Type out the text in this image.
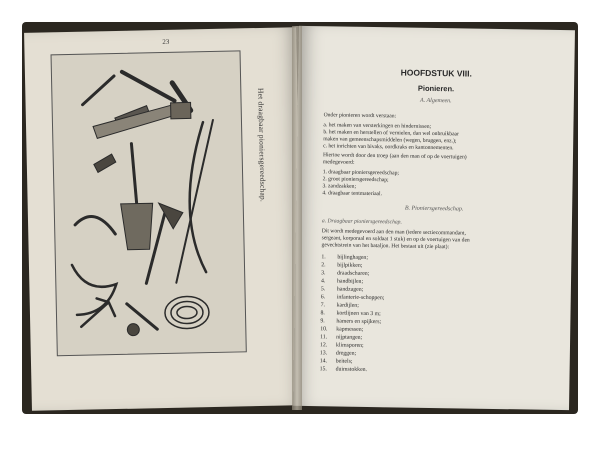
23
Het draagbaar pioniersgereedschap.
HOOFDSTUK VIII.
Pionieren.
A. Algemeen.
Onder pionieren wordt verstaan:
a. het maken van versterkingen en hindernissen;
b. het maken en herstellen of vernielen, dan wel onbruikbaar
maken van gemeenschapsmiddelen (wegen, bruggen, enz.);
c. het inrichten van bivaks, oordkraks en kantonnementen.
Hiertoe wordt door den troep (aan den man of op de voertuigen)
medegevoerd:
1. draagbaar pioniersgereedschap;
2. groot pioniersgereedschap;
3. zandzakken;
4. draagbaar tentmateriaal.
B. Pioniersgereedschap.
a. Draagbaar pioniersgereedschap.
Dit wordt medegevoerd aan den man (iedere sectiecommandant,
sergeant, korporaal en soldaat 1 stuk) en op de voertuigen van den
gevechtstrein van het bataljon. Het bestaat uit (zie plaat):
1. bijlinghagen;
2. bijlpikken;
3. draadscharen;
4. handbijlen;
5. handzagen;
6. infanterie-schoppen;
7. kardijlen;
8. kortlijnen van 3 m;
9. hamers en spijkers;
10. kapmessen;
11. nijptangen;
12. klimsporen;
13. dreggen;
14. beitels;
15. duimstokken.
